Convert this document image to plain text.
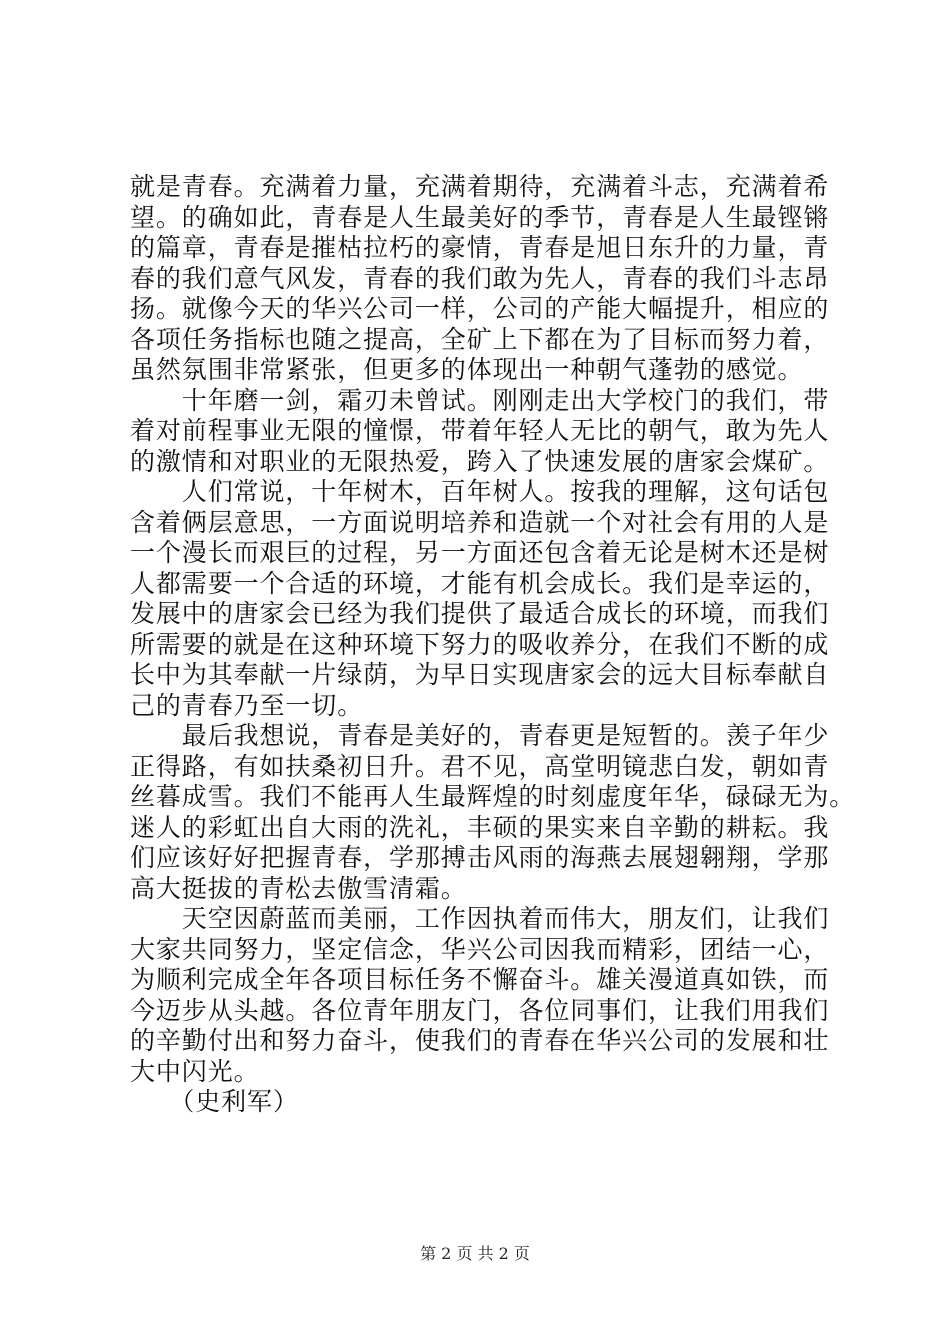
就是青春。充满着力量，充满着期待，充满着斗志，充满着希
望。的确如此，青春是人生最美好的季节，青春是人生最铿锵
的篇章，青春是摧枯拉朽的豪情，青春是旭日东升的力量，青
春的我们意气风发，青春的我们敢为先人，青春的我们斗志昂
扬。就像今天的华兴公司一样，公司的产能大幅提升，相应的
各项任务指标也随之提高，全矿上下都在为了目标而努力着，
虽然氛围非常紧张，但更多的体现出一种朝气蓬勃的感觉。
　　十年磨一剑，霜刃未曾试。刚刚走出大学校门的我们，带
着对前程事业无限的憧憬，带着年轻人无比的朝气，敢为先人
的激情和对职业的无限热爱，跨入了快速发展的唐家会煤矿。
　　人们常说，十年树木，百年树人。按我的理解，这句话包
含着俩层意思，一方面说明培养和造就一个对社会有用的人是
一个漫长而艰巨的过程，另一方面还包含着无论是树木还是树
人都需要一个合适的环境，才能有机会成长。我们是幸运的，
发展中的唐家会已经为我们提供了最适合成长的环境，而我们
所需要的就是在这种环境下努力的吸收养分，在我们不断的成
长中为其奉献一片绿荫，为早日实现唐家会的远大目标奉献自
己的青春乃至一切。
　　最后我想说，青春是美好的，青春更是短暂的。羡子年少
正得路，有如扶桑初日升。君不见，高堂明镜悲白发，朝如青
丝暮成雪。我们不能再人生最辉煌的时刻虚度年华，碌碌无为。
迷人的彩虹出自大雨的洗礼，丰硕的果实来自辛勤的耕耘。我
们应该好好把握青春，学那搏击风雨的海燕去展翅翱翔，学那
高大挺拔的青松去傲雪清霜。
　　天空因蔚蓝而美丽，工作因执着而伟大，朋友们，让我们
大家共同努力，坚定信念，华兴公司因我而精彩，团结一心，
为顺利完成全年各项目标任务不懈奋斗。雄关漫道真如铁，而
今迈步从头越。各位青年朋友门，各位同事们，让我们用我们
的辛勤付出和努力奋斗，使我们的青春在华兴公司的发展和壮
大中闪光。
　　（史利军）
第 2 页 共 2 页
